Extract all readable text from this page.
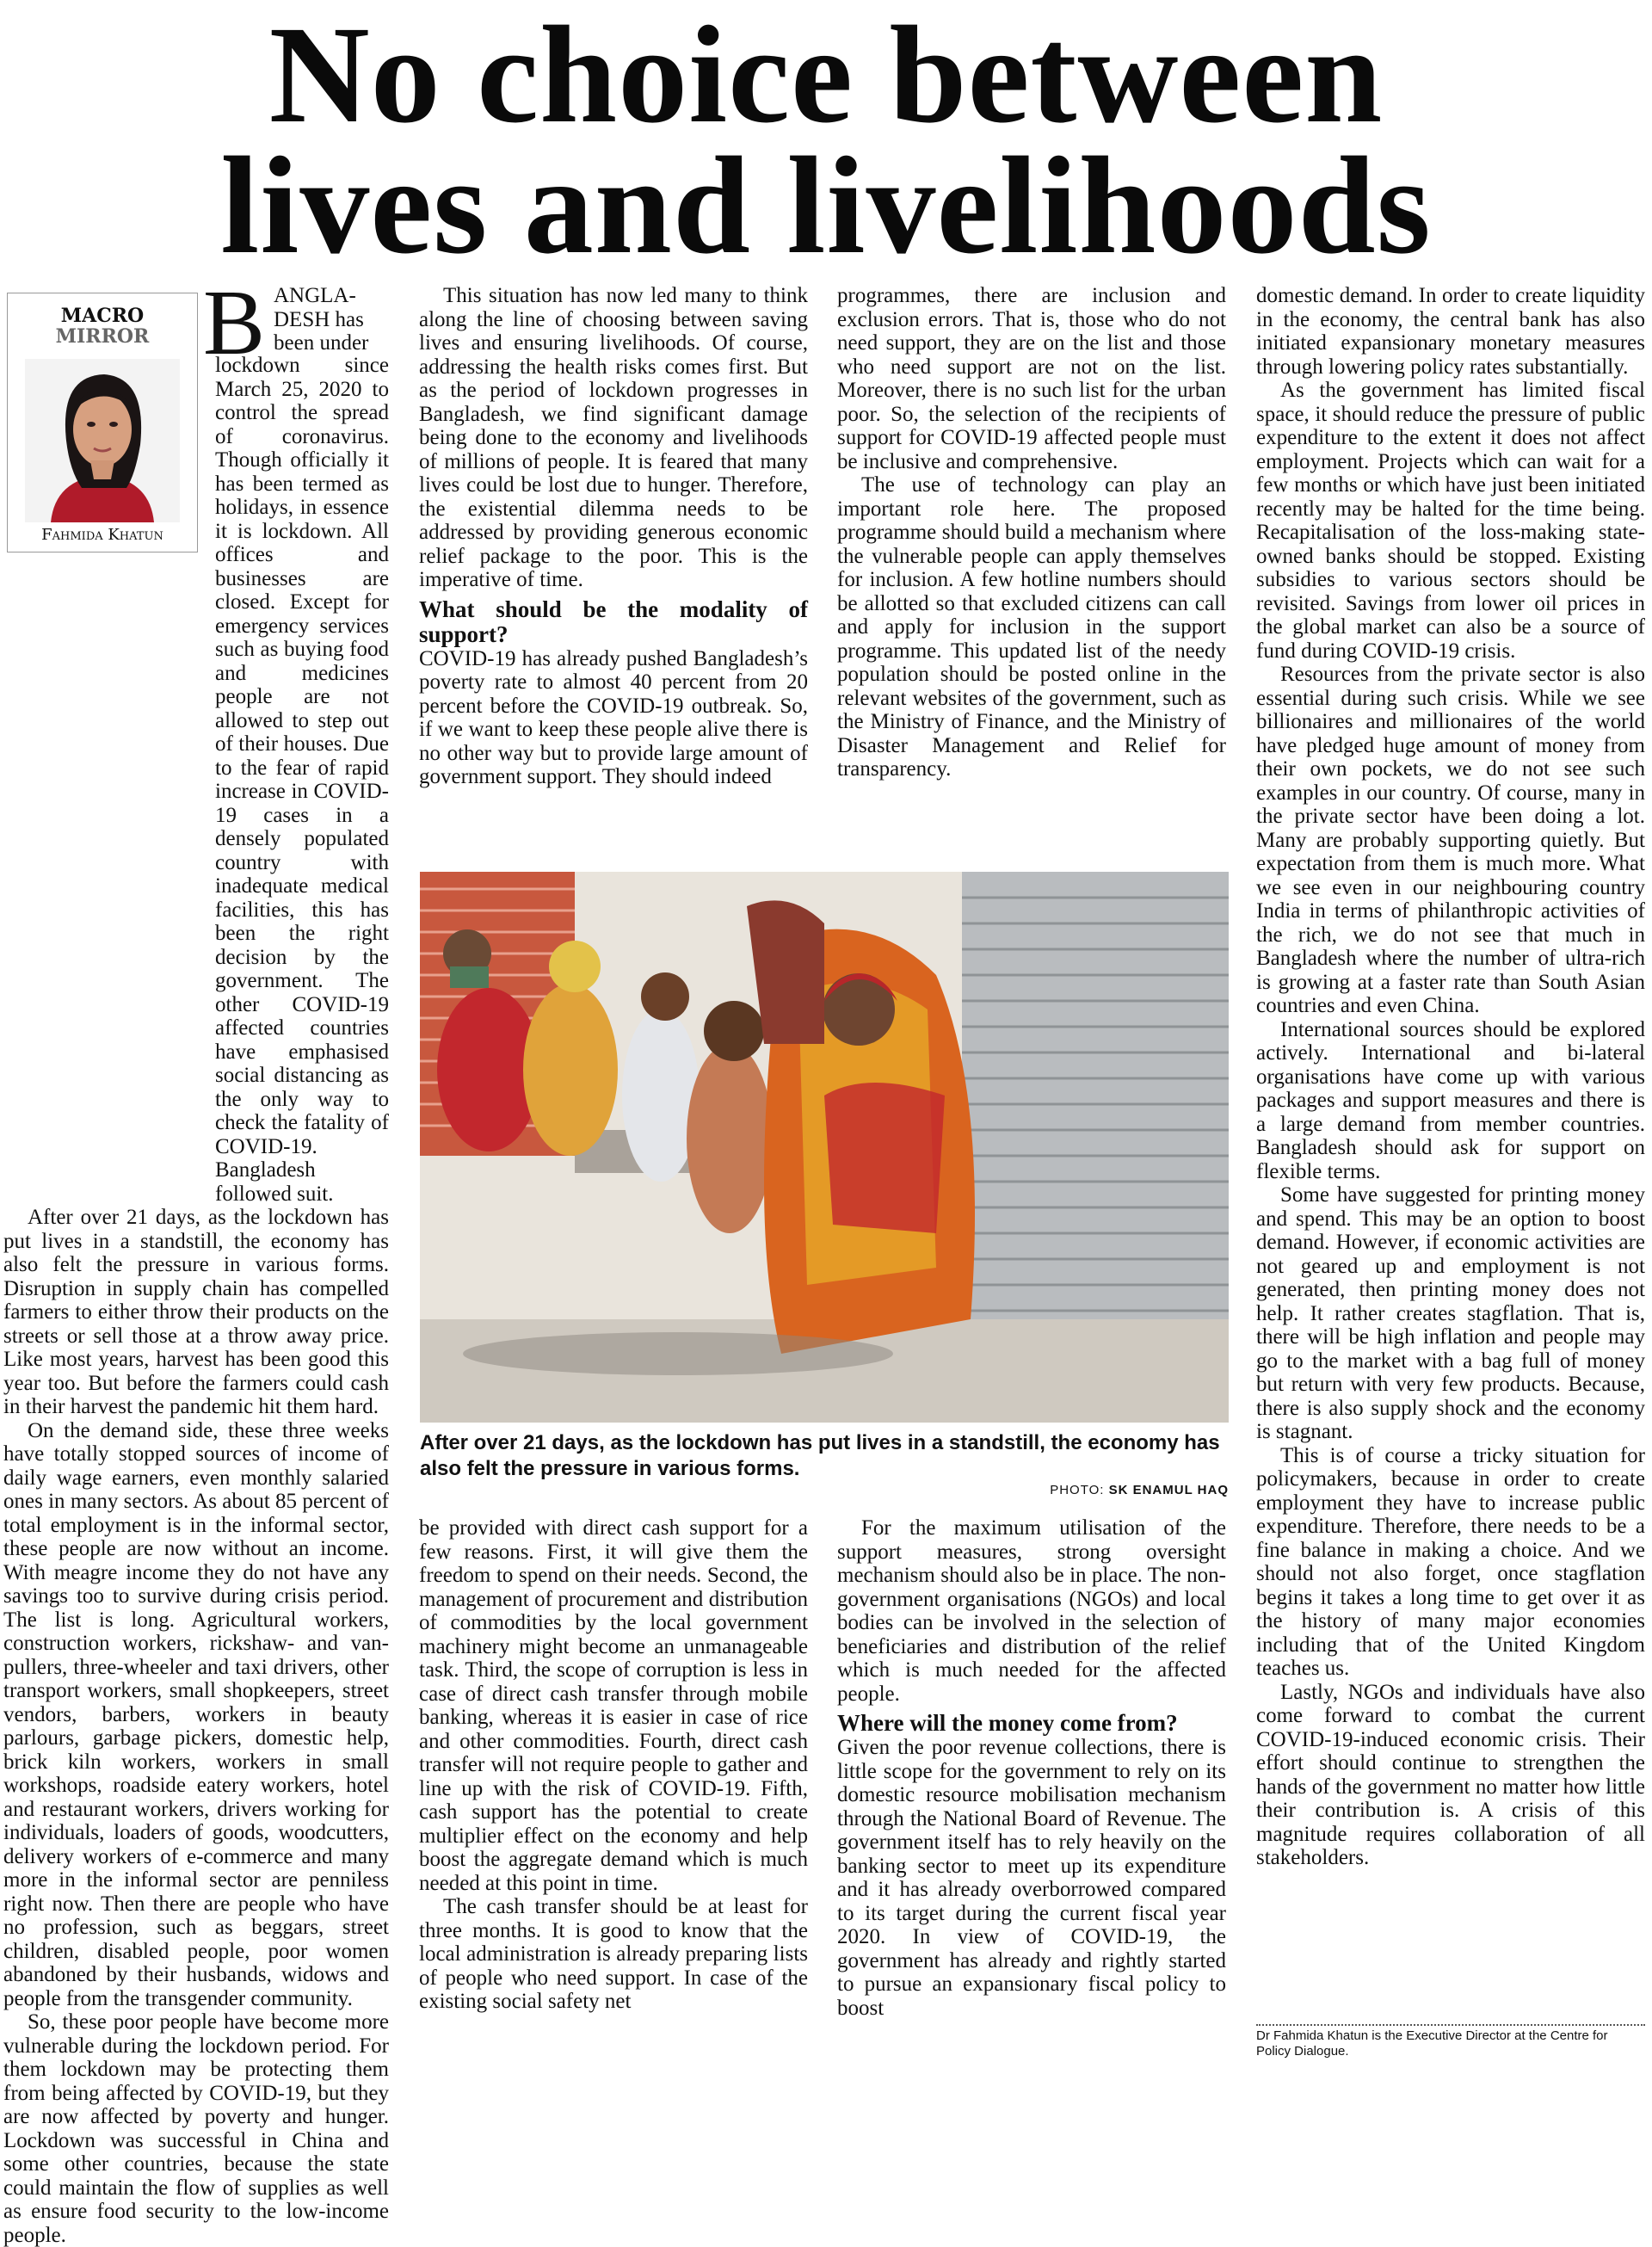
No choice between
lives and livelihoods
MACRO
MIRROR
Fahmida Khatun
B ANGLA-
DESH has
been under

lockdown since March 25, 2020 to control the spread of coronavirus. Though officially it has been termed as holidays, in essence it is lockdown. All offices and businesses are closed. Except for emergency services such as buying food and medicines people are not allowed to step out of their houses. Due to the fear of rapid increase in COVID-19 cases in a densely populated country with inadequate medical facilities, this has been the right decision by the government. The other COVID-19 affected countries have emphasised social distancing as the only way to check the fatality of COVID-19. Bangladesh followed suit.

After over 21 days, as the lockdown has put lives in a standstill, the economy has also felt the pressure in various forms. Disruption in supply chain has compelled farmers to either throw their products on the streets or sell those at a throw away price. Like most years, harvest has been good this year too. But before the farmers could cash in their harvest the pandemic hit them hard.

On the demand side, these three weeks have totally stopped sources of income of daily wage earners, even monthly salaried ones in many sectors. As about 85 percent of total employment is in the informal sector, these people are now without an income. With meagre income they do not have any savings too to survive during crisis period. The list is long. Agricultural workers, construction workers, rickshaw- and van-pullers, three-wheeler and taxi drivers, other transport workers, small shopkeepers, street vendors, barbers, workers in beauty parlours, garbage pickers, domestic help, brick kiln workers, workers in small workshops, roadside eatery workers, hotel and restaurant workers, drivers working for individuals, loaders of goods, woodcutters, delivery workers of e-commerce and many more in the informal sector are penniless right now. Then there are people who have no profession, such as beggars, street children, disabled people, poor women abandoned by their husbands, widows and people from the transgender community.

So, these poor people have become more vulnerable during the lockdown period. For them lockdown may be protecting them from being affected by COVID-19, but they are now affected by poverty and hunger. Lockdown was successful in China and some other countries, because the state could maintain the flow of supplies as well as ensure food security to the low-income people.

This situation has now led many to think along the line of choosing between saving lives and ensuring livelihoods. Of course, addressing the health risks comes first. But as the period of lockdown progresses in Bangladesh, we find significant damage being done to the economy and livelihoods of millions of people. It is feared that many lives could be lost due to hunger. Therefore, the existential dilemma needs to be addressed by providing generous economic relief package to the poor. This is the imperative of time.

What should be the modality of support?

COVID-19 has already pushed Bangladesh’s poverty rate to almost 40 percent from 20 percent before the COVID-19 outbreak. So, if we want to keep these people alive there is no other way but to provide large amount of government support. They should indeed

programmes, there are inclusion and exclusion errors. That is, those who do not need support, they are on the list and those who need support are not on the list. Moreover, there is no such list for the urban poor. So, the selection of the recipients of support for COVID-19 affected people must be inclusive and comprehensive.

The use of technology can play an important role here. The proposed programme should build a mechanism where the vulnerable people can apply themselves for inclusion. A few hotline numbers should be allotted so that excluded citizens can call and apply for inclusion in the support programme. This updated list of the needy population should be posted online in the relevant websites of the government, such as the Ministry of Finance, and the Ministry of Disaster Management and Relief for transparency.

domestic demand. In order to create liquidity in the economy, the central bank has also initiated expansionary monetary measures through lowering policy rates substantially.

As the government has limited fiscal space, it should reduce the pressure of public expenditure to the extent it does not affect employment. Projects which can wait for a few months or which have just been initiated recently may be halted for the time being. Recapitalisation of the loss-making state-owned banks should be stopped. Existing subsidies to various sectors should be revisited. Savings from lower oil prices in the global market can also be a source of fund during COVID-19 crisis.

Resources from the private sector is also essential during such crisis. While we see billionaires and millionaires of the world have pledged huge amount of money from their own pockets, we do not see such examples in our country. Of course, many in the private sector have been doing a lot. Many are probably supporting quietly. But expectation from them is much more. What we see even in our neighbouring country India in terms of philanthropic activities of the rich, we do not see that much in Bangladesh where the number of ultra-rich is growing at a faster rate than South Asian countries and even China.

International sources should be explored actively. International and bi-lateral organisations have come up with various packages and support measures and there is a large demand from member countries. Bangladesh should ask for support on flexible terms.

Some have suggested for printing money and spend. This may be an option to boost demand. However, if economic activities are not geared up and employment is not generated, then printing money does not help. It rather creates stagflation. That is, there will be high inflation and people may go to the market with a bag full of money but return with very few products. Because, there is also supply shock and the economy is stagnant.

This is of course a tricky situation for policymakers, because in order to create employment they have to increase public expenditure. Therefore, there needs to be a fine balance in making a choice. And we should not also forget, once stagflation begins it takes a long time to get over it as the history of many major economies including that of the United Kingdom teaches us.

Lastly, NGOs and individuals have also come forward to combat the current COVID-19-induced economic crisis. Their effort should continue to strengthen the hands of the government no matter how little their contribution is. A crisis of this magnitude requires collaboration of all stakeholders.

After over 21 days, as the lockdown has put lives in a standstill, the economy has also felt the pressure in various forms.
PHOTO: SK ENAMUL HAQ

be provided with direct cash support for a few reasons. First, it will give them the freedom to spend on their needs. Second, the management of procurement and distribution of commodities by the local government machinery might become an unmanageable task. Third, the scope of corruption is less in case of direct cash transfer through mobile banking, whereas it is easier in case of rice and other commodities. Fourth, direct cash transfer will not require people to gather and line up with the risk of COVID-19. Fifth, cash support has the potential to create multiplier effect on the economy and help boost the aggregate demand which is much needed at this point in time.

The cash transfer should be at least for three months. It is good to know that the local administration is already preparing lists of people who need support. In case of the existing social safety net

For the maximum utilisation of the support measures, strong oversight mechanism should also be in place. The non-government organisations (NGOs) and local bodies can be involved in the selection of beneficiaries and distribution of the relief which is much needed for the affected people.

Where will the money come from?

Given the poor revenue collections, there is little scope for the government to rely on its domestic resource mobilisation mechanism through the National Board of Revenue. The government itself has to rely heavily on the banking sector to meet up its expenditure and it has already overborrowed compared to its target during the current fiscal year 2020. In view of COVID-19, the government has already and rightly started to pursue an expansionary fiscal policy to boost

Dr Fahmida Khatun is the Executive Director at the Centre for Policy Dialogue.
